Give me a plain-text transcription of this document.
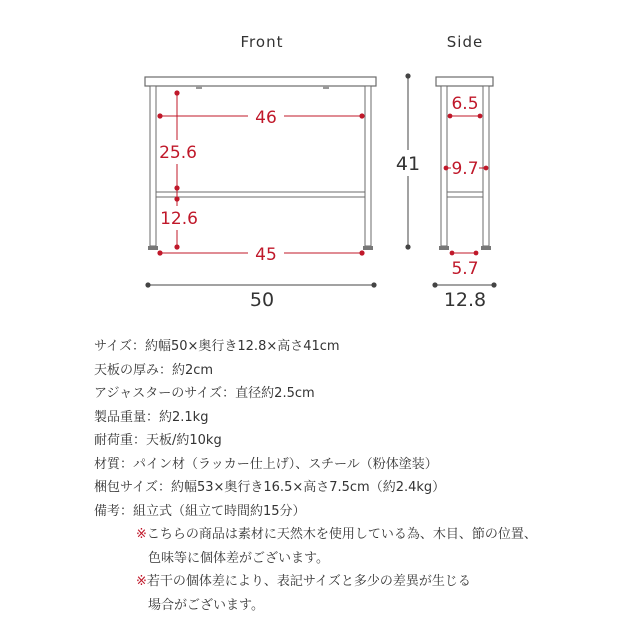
Front	Side
46
25.6
12.6
45
50
41
6.5
9.7
5.7
12.8
サイズ：約幅50×奥行き12.8×高さ41cm
天板の厚み：約2cm
アジャスターのサイズ：直径約2.5cm
製品重量：約2.1kg
耐荷重：天板/約10kg
材質：パイン材（ラッカー仕上げ）、スチール（粉体塗装）
梱包サイズ：約幅53×奥行き16.5×高さ7.5cm（約2.4kg）
備考：組立式（組立て時間約15分）
※こちらの商品は素材に天然木を使用している為、木目、節の位置、
色味等に個体差がございます。
※若干の個体差により、表記サイズと多少の差異が生じる
場合がございます。
